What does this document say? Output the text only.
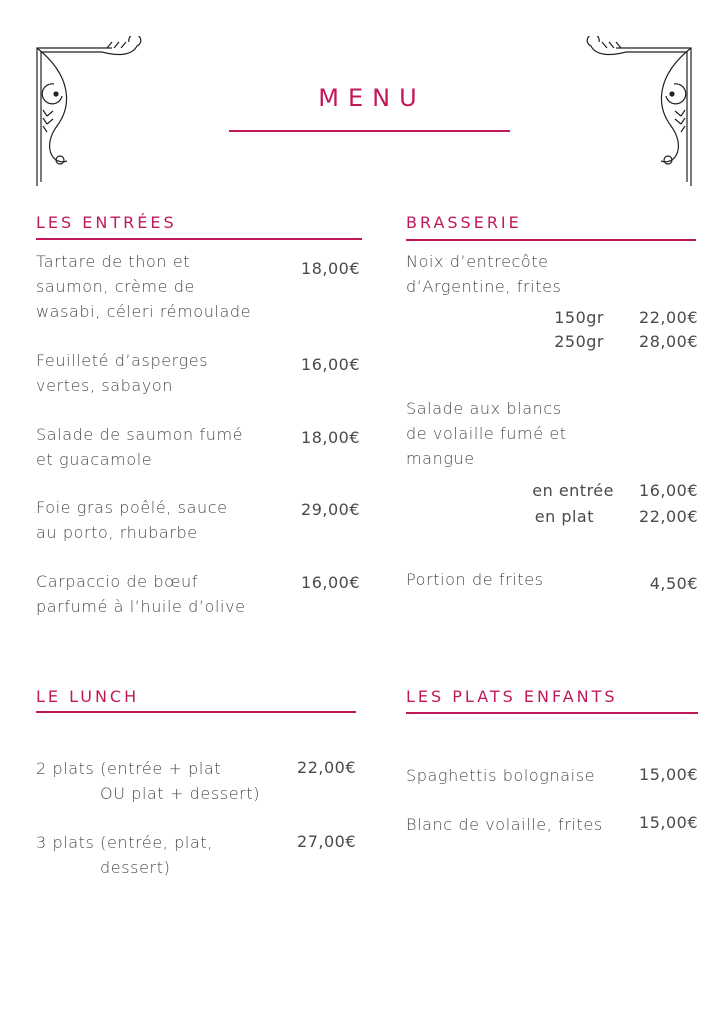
MENU
LES ENTRÉES
Tartare de thon et
saumon, crème de
wasabi, céleri rémoulade
18,00€
Feuilleté d’asperges
vertes, sabayon
16,00€
Salade de saumon fumé
et guacamole
18,00€
Foie gras poêlé, sauce
au porto, rhubarbe
29,00€
Carpaccio de bœuf
parfumé à l’huile d’olive
16,00€
BRASSERIE
Noix d’entrecôte
d’Argentine, frites
150gr	22,00€
250gr	28,00€
Salade aux blancs
de volaille fumé et
mangue
en entrée	16,00€
en plat	22,00€
Portion de frites	4,50€
LE LUNCH
2 plats (entrée + plat
OU plat + dessert)
22,00€
3 plats (entrée, plat,
dessert)
27,00€
LES PLATS ENFANTS
Spaghettis bolognaise	15,00€
Blanc de volaille, frites	15,00€
